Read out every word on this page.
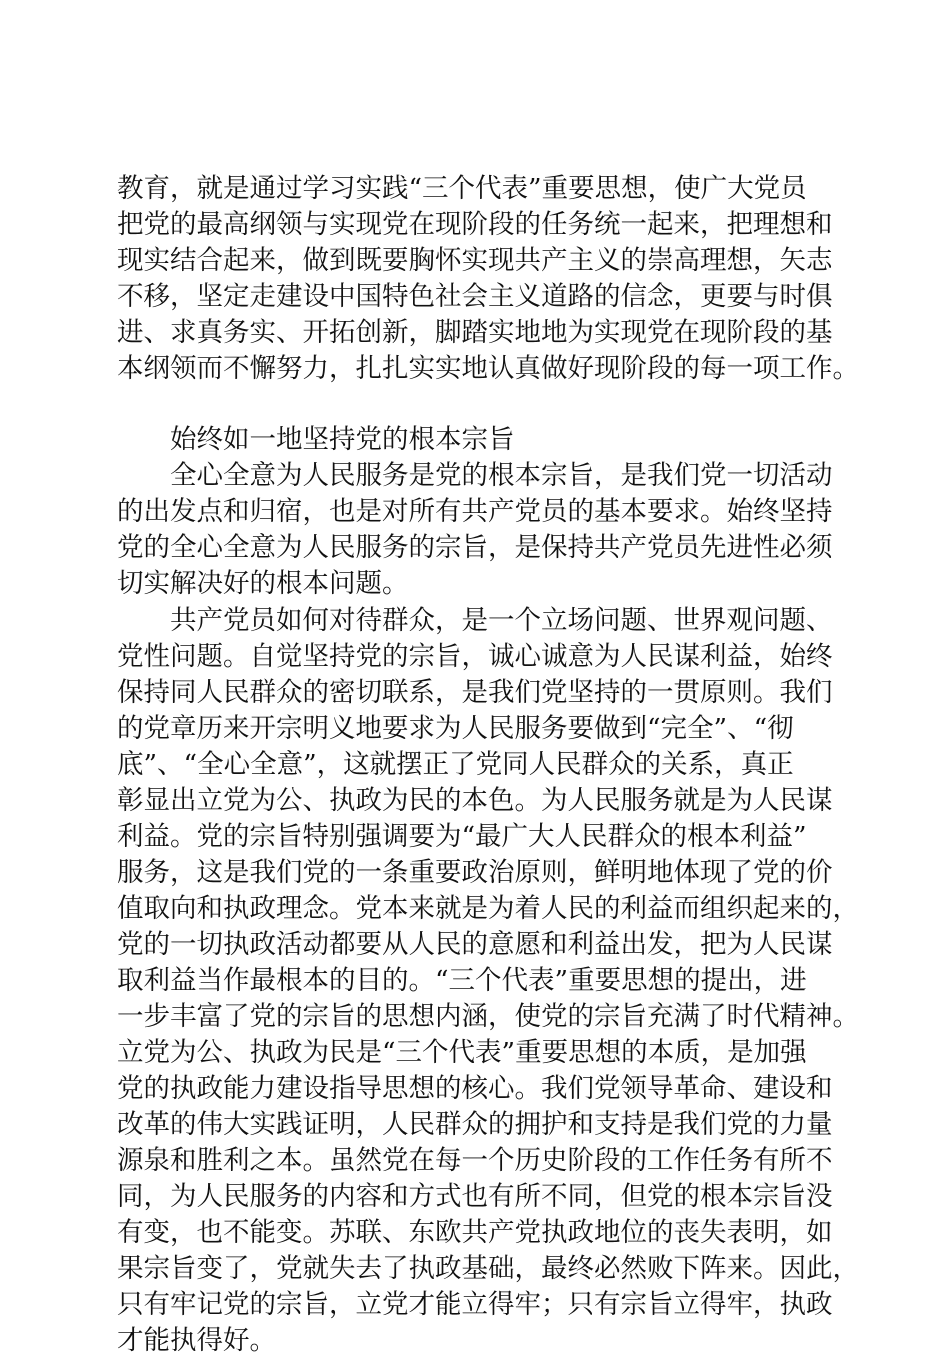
教育，就是通过学习实践“三个代表”重要思想，使广大党员
把党的最高纲领与实现党在现阶段的任务统一起来，把理想和
现实结合起来，做到既要胸怀实现共产主义的崇高理想，矢志
不移，坚定走建设中国特色社会主义道路的信念，更要与时俱
进、求真务实、开拓创新，脚踏实地地为实现党在现阶段的基
本纲领而不懈努力，扎扎实实地认真做好现阶段的每一项工作。
始终如一地坚持党的根本宗旨
全心全意为人民服务是党的根本宗旨，是我们党一切活动
的出发点和归宿，也是对所有共产党员的基本要求。始终坚持
党的全心全意为人民服务的宗旨，是保持共产党员先进性必须
切实解决好的根本问题。
共产党员如何对待群众，是一个立场问题、世界观问题、
党性问题。自觉坚持党的宗旨，诚心诚意为人民谋利益，始终
保持同人民群众的密切联系，是我们党坚持的一贯原则。我们
的党章历来开宗明义地要求为人民服务要做到“完全”、“彻
底”、“全心全意”，这就摆正了党同人民群众的关系，真正
彰显出立党为公、执政为民的本色。为人民服务就是为人民谋
利益。党的宗旨特别强调要为“最广大人民群众的根本利益”
服务，这是我们党的一条重要政治原则，鲜明地体现了党的价
值取向和执政理念。党本来就是为着人民的利益而组织起来的，
党的一切执政活动都要从人民的意愿和利益出发，把为人民谋
取利益当作最根本的目的。“三个代表”重要思想的提出，进
一步丰富了党的宗旨的思想内涵，使党的宗旨充满了时代精神。
立党为公、执政为民是“三个代表”重要思想的本质，是加强
党的执政能力建设指导思想的核心。我们党领导革命、建设和
改革的伟大实践证明，人民群众的拥护和支持是我们党的力量
源泉和胜利之本。虽然党在每一个历史阶段的工作任务有所不
同，为人民服务的内容和方式也有所不同，但党的根本宗旨没
有变，也不能变。苏联、东欧共产党执政地位的丧失表明，如
果宗旨变了，党就失去了执政基础，最终必然败下阵来。因此，
只有牢记党的宗旨，立党才能立得牢；只有宗旨立得牢，执政
才能执得好。
